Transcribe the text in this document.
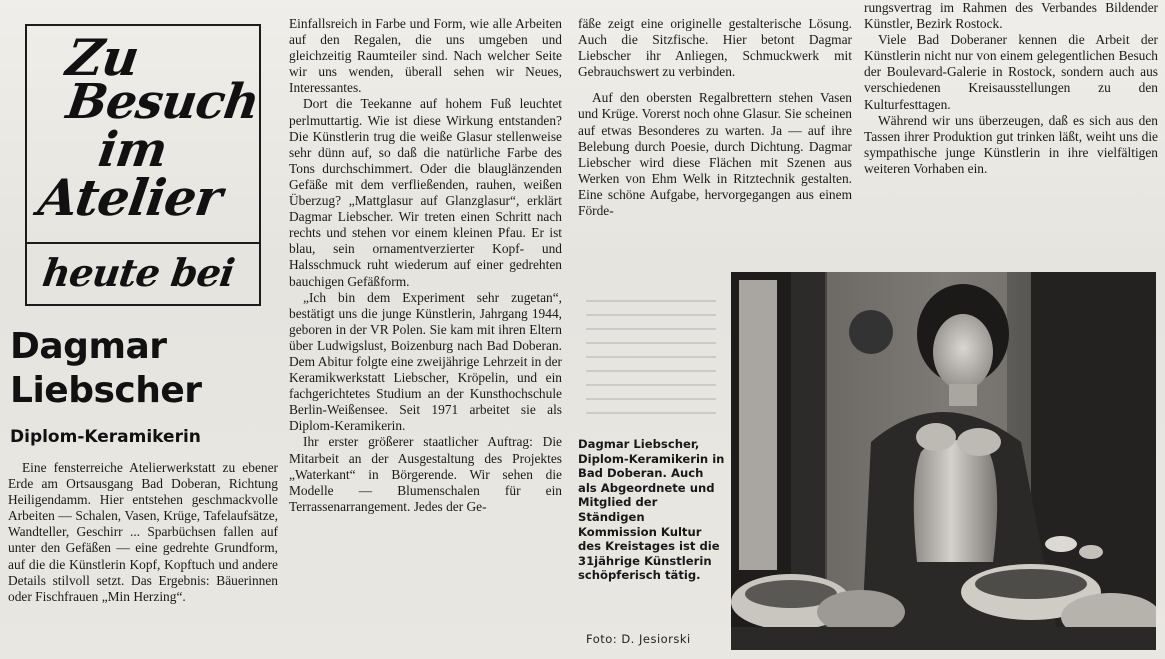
Zu
Besuch
im
Atelier
heute bei
Dagmar
Liebscher
Diplom-Keramikerin

Eine fensterreiche Atelierwerkstatt zu ebener Erde am Ortsausgang Bad Doberan, Richtung Heiligendamm. Hier entstehen geschmackvolle Arbeiten — Schalen, Vasen, Krüge, Tafelaufsätze, Wandteller, Geschirr ... Sparbüchsen fallen auf unter den Gefäßen — eine gedrehte Grundform, auf die die Künstlerin Kopf, Kopftuch und andere Details stilvoll setzt. Das Ergebnis: Bäuerinnen oder Fischfrauen „Min Herzing“.

Einfallsreich in Farbe und Form, wie alle Arbeiten auf den Regalen, die uns umgeben und gleichzeitig Raumteiler sind. Nach welcher Seite wir uns wenden, überall sehen wir Neues, Interessantes.

Dort die Teekanne auf hohem Fuß leuchtet perlmuttartig. Wie ist diese Wirkung entstanden? Die Künstlerin trug die weiße Glasur stellenweise sehr dünn auf, so daß die natürliche Farbe des Tons durchschimmert. Oder die blauglänzenden Gefäße mit dem verfließenden, rauhen, weißen Überzug? „Mattglasur auf Glanzglasur“, erklärt Dagmar Liebscher. Wir treten einen Schritt nach rechts und stehen vor einem kleinen Pfau. Er ist blau, sein ornamentverzierter Kopf- und Halsschmuck ruht wiederum auf einer gedrehten bauchigen Gefäßform.

„Ich bin dem Experiment sehr zugetan“, bestätigt uns die junge Künstlerin, Jahrgang 1944, geboren in der VR Polen. Sie kam mit ihren Eltern über Ludwigslust, Boizenburg nach Bad Doberan. Dem Abitur folgte eine zweijährige Lehrzeit in der Keramikwerkstatt Liebscher, Kröpelin, und ein fachgerichtetes Studium an der Kunsthochschule Berlin-Weißensee. Seit 1971 arbeitet sie als Diplom-Keramikerin.

Ihr erster größerer staatlicher Auftrag: Die Mitarbeit an der Ausgestaltung des Projektes „Waterkant“ in Börgerende. Wir sehen die Modelle — Blumenschalen für ein Terrassenarrangement. Jedes der Ge-

fäße zeigt eine originelle gestalterische Lösung. Auch die Sitzfische. Hier betont Dagmar Liebscher ihr Anliegen, Schmuckwerk mit Gebrauchswert zu verbinden.

Auf den obersten Regalbrettern stehen Vasen und Krüge. Vorerst noch ohne Glasur. Sie scheinen auf etwas Besonderes zu warten. Ja — auf ihre Belebung durch Poesie, durch Dichtung. Dagmar Liebscher wird diese Flächen mit Szenen aus Werken von Ehm Welk in Ritztechnik gestalten. Eine schöne Aufgabe, hervorgegangen aus einem Förde-

rungsvertrag im Rahmen des Verbandes Bildender Künstler, Bezirk Rostock.

Viele Bad Doberaner kennen die Arbeit der Künstlerin nicht nur von einem gelegentlichen Besuch der Boulevard-Galerie in Rostock, sondern auch aus verschiedenen Kreisausstellungen zu den Kulturfesttagen.

Während wir uns überzeugen, daß es sich aus den Tassen ihrer Produktion gut trinken läßt, weiht uns die sympathische junge Künstlerin in ihre vielfältigen weiteren Vorhaben ein.

Dagmar Liebscher, Diplom-Keramikerin in Bad Doberan. Auch als Abgeordnete und Mitglied der Ständigen Kommission Kultur des Kreistages ist die 31jährige Künstlerin schöpferisch tätig.
Foto: D. Jesiorski
